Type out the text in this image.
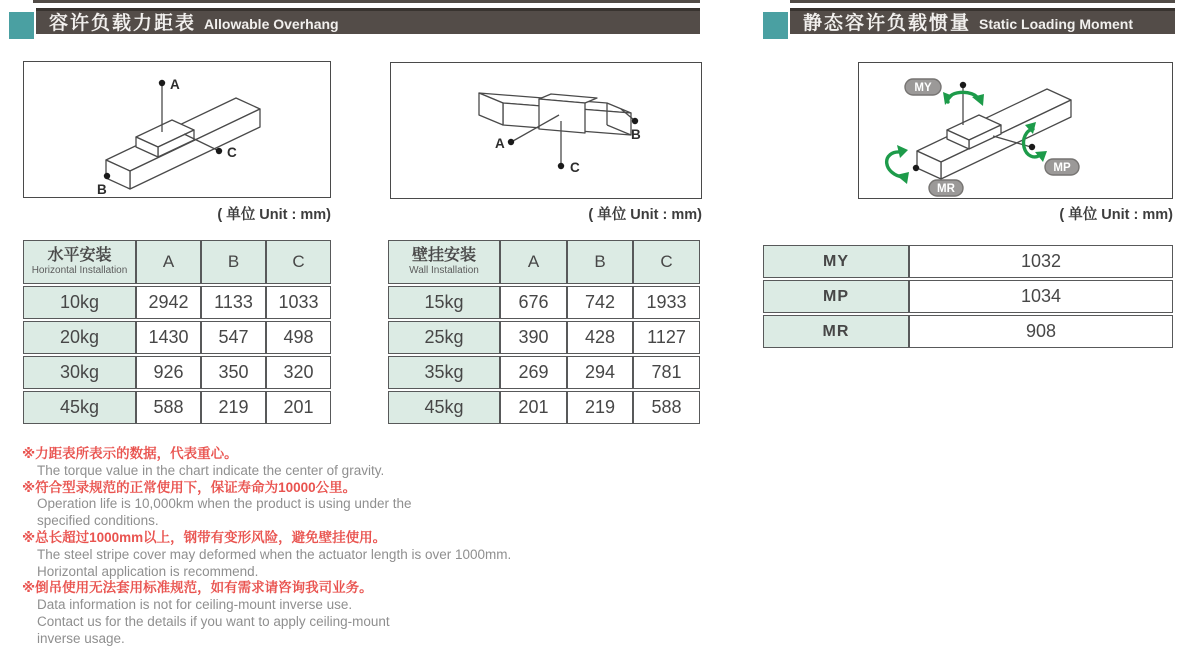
容许负载力距表 Allowable Overhang	静态容许负载惯量 Static Loading Moment
A
C
B
( 单位 Unit : mm)
A
C
B
( 单位 Unit : mm)
MY
MP
MR
( 单位 Unit : mm)
水平安装
Horizontal Installation	A	B	C
10kg	2942	1133	1033
20kg	1430	547	498
30kg	926	350	320
45kg	588	219	201
壁挂安装
Wall Installation	A	B	C
15kg	676	742	1933
25kg	390	428	1127
35kg	269	294	781
45kg	201	219	588
MY	1032
MP	1034
MR	908

※力距表所表示的数据，代表重心。

The torque value in the chart indicate the center of gravity.

※符合型录规范的正常使用下，保证寿命为10000公里。

Operation life is 10,000km when the product is using under the

specified conditions.

※总长超过1000mm以上，钢带有变形风险，避免壁挂使用。

The steel stripe cover may deformed when the actuator length is over 1000mm.

Horizontal application is recommend.

※倒吊使用无法套用标准规范，如有需求请咨询我司业务。

Data information is not for ceiling-mount inverse use.

Contact us for the details if you want to apply ceiling-mount

inverse usage.
